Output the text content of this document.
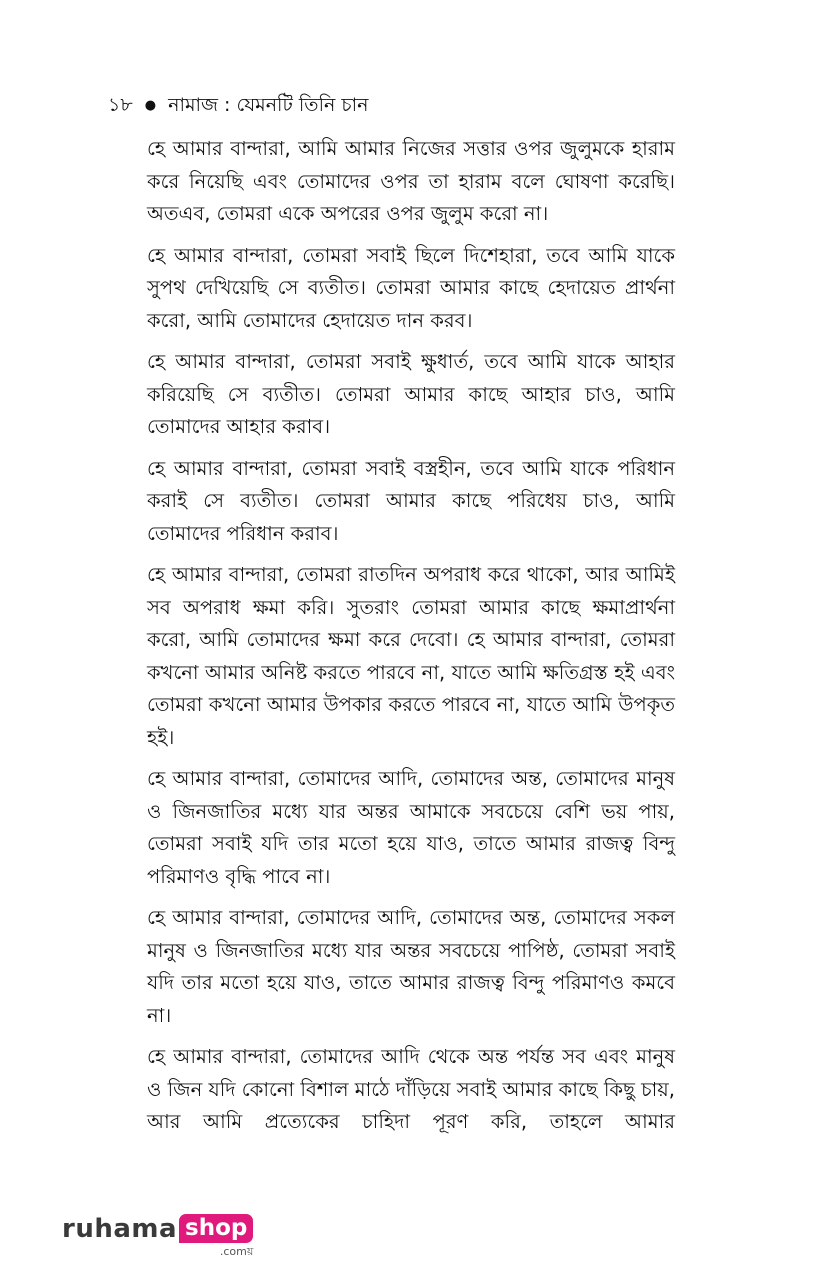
১৮ ● নামাজ : যেমনটি তিনি চান

হে আমার বান্দারা, আমি আমার নিজের সত্তার ওপর জুলুমকে হারাম করে নিয়েছি এবং তোমাদের ওপর তা হারাম বলে ঘোষণা করেছি। অতএব, তোমরা একে অপরের ওপর জুলুম করো না।

হে আমার বান্দারা, তোমরা সবাই ছিলে দিশেহারা, তবে আমি যাকে সুপথ দেখিয়েছি সে ব্যতীত। তোমরা আমার কাছে হেদায়েত প্রার্থনা করো, আমি তোমাদের হেদায়েত দান করব।

হে আমার বান্দারা, তোমরা সবাই ক্ষুধার্ত, তবে আমি যাকে আহার করিয়েছি সে ব্যতীত। তোমরা আমার কাছে আহার চাও, আমি তোমাদের আহার করাব।

হে আমার বান্দারা, তোমরা সবাই বস্ত্রহীন, তবে আমি যাকে পরিধান করাই সে ব্যতীত। তোমরা আমার কাছে পরিধেয় চাও, আমি তোমাদের পরিধান করাব।

হে আমার বান্দারা, তোমরা রাতদিন অপরাধ করে থাকো, আর আমিই সব অপরাধ ক্ষমা করি। সুতরাং তোমরা আমার কাছে ক্ষমাপ্রার্থনা করো, আমি তোমাদের ক্ষমা করে দেবো। হে আমার বান্দারা, তোমরা কখনো আমার অনিষ্ট করতে পারবে না, যাতে আমি ক্ষতিগ্রস্ত হই এবং তোমরা কখনো আমার উপকার করতে পারবে না, যাতে আমি উপকৃত হই।

হে আমার বান্দারা, তোমাদের আদি, তোমাদের অন্ত, তোমাদের মানুষ ও জিনজাতির মধ্যে যার অন্তর আমাকে সবচেয়ে বেশি ভয় পায়, তোমরা সবাই যদি তার মতো হয়ে যাও, তাতে আমার রাজত্ব বিন্দু পরিমাণও বৃদ্ধি পাবে না।

হে আমার বান্দারা, তোমাদের আদি, তোমাদের অন্ত, তোমাদের সকল মানুষ ও জিনজাতির মধ্যে যার অন্তর সবচেয়ে পাপিষ্ঠ, তোমরা সবাই যদি তার মতো হয়ে যাও, তাতে আমার রাজত্ব বিন্দু পরিমাণও কমবে না।

হে আমার বান্দারা, তোমাদের আদি থেকে অন্ত পর্যন্ত সব এবং মানুষ ও জিন যদি কোনো বিশাল মাঠে দাঁড়িয়ে সবাই আমার কাছে কিছু চায়, আর আমি প্রত্যেকের চাহিদা পূরণ করি, তাহলে আমার

ruhama shop
.comয়
